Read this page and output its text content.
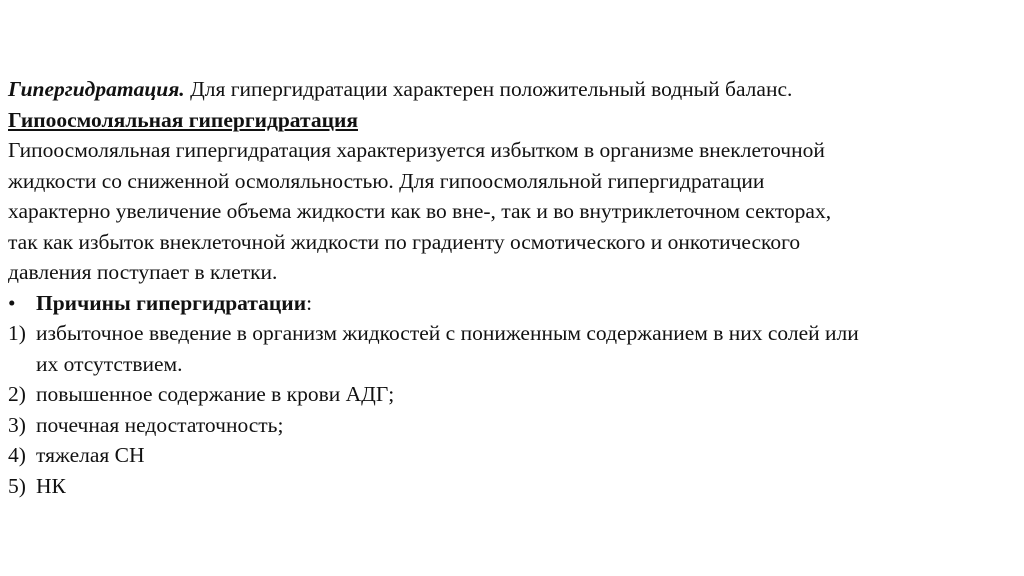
Гипергидратация. Для гипергидратации характерен положительный водный баланс.
Гипоосмоляльная гипергидратация
Гипоосмоляльная гипергидратация характеризуется избытком в организме внеклеточной
жидкости со сниженной осмоляльностью. Для гипоосмоляльной гипергидратации
характерно увеличение объема жидкости как во вне-, так и во внутриклеточном секторах,
так как избыток внеклеточной жидкости по градиенту осмотического и онкотического
давления поступает в клетки.
• Причины гипергидратации:
1) избыточное введение в организм жидкостей с пониженным содержанием в них солей или
их отсутствием.
2) повышенное содержание в крови АДГ;
3) почечная недостаточность;
4) тяжелая СН
5) НК
